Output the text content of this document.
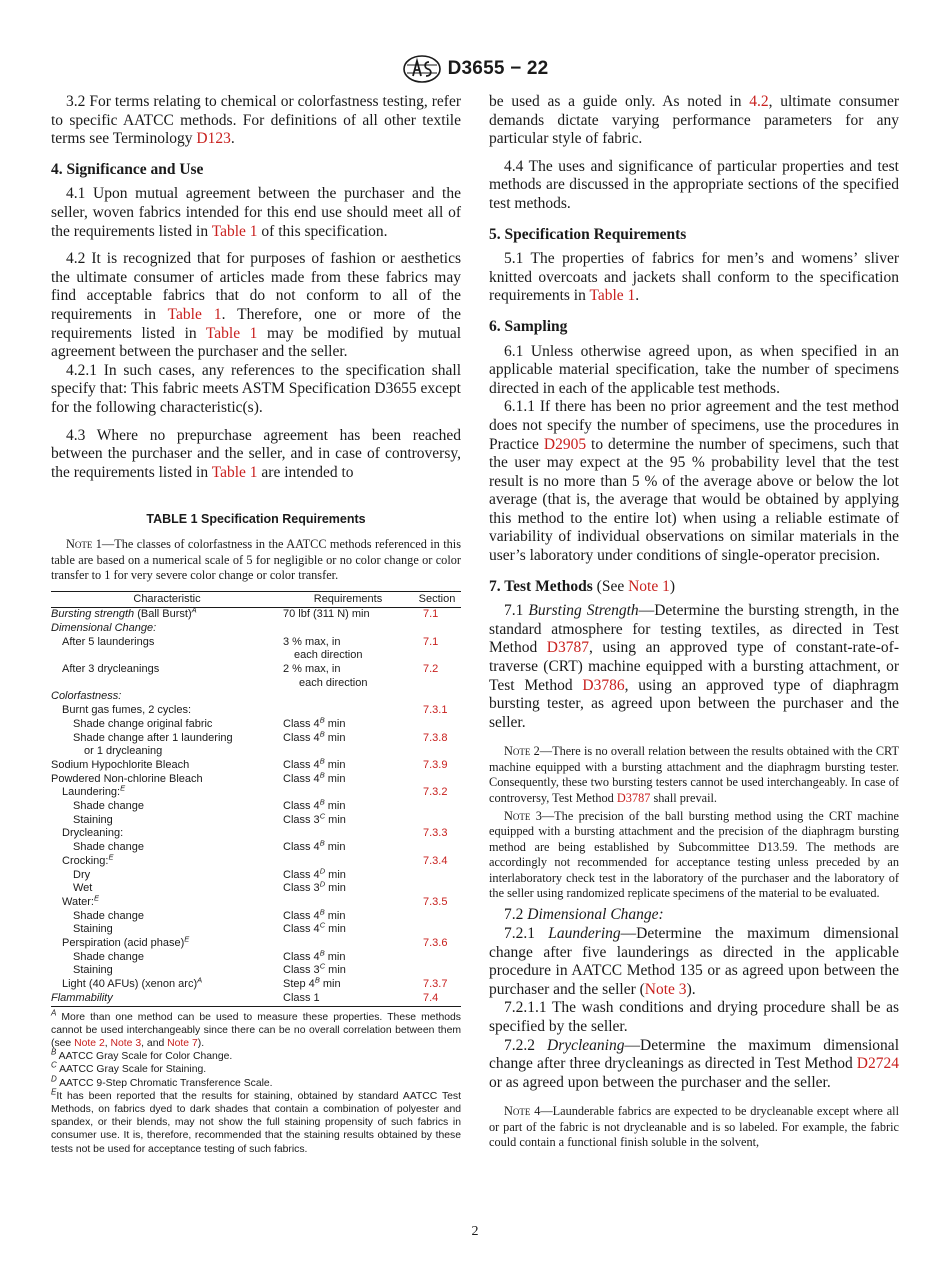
D3655 − 22

3.2 For terms relating to chemical or colorfastness testing, refer to specific AATCC methods. For definitions of all other textile terms see Terminology D123.

4. Significance and Use

4.1 Upon mutual agreement between the purchaser and the seller, woven fabrics intended for this end use should meet all of the requirements listed in Table 1 of this specification.

4.2 It is recognized that for purposes of fashion or aesthetics the ultimate consumer of articles made from these fabrics may find acceptable fabrics that do not conform to all of the requirements in Table 1. Therefore, one or more of the requirements listed in Table 1 may be modified by mutual agreement between the purchaser and the seller.

4.2.1 In such cases, any references to the specification shall specify that: This fabric meets ASTM Specification D3655 except for the following characteristic(s).

4.3 Where no prepurchase agreement has been reached between the purchaser and the seller, and in case of controversy, the requirements listed in Table 1 are intended to

TABLE 1 Specification Requirements

Note 1—The classes of colorfastness in the AATCC methods referenced in this table are based on a numerical scale of 5 for negligible or no color change or color transfer to 1 for very severe color change or color transfer.

Characteristic	Requirements	Section
Bursting strength (Ball Burst)$^A$	70 lbf (311 N) min	7.1
Dimensional Change:		
After 5 launderings	3 % max, in
each direction	7.1
After 3 drycleanings	2 % max, in
each direction	7.2
Colorfastness:		
Burnt gas fumes, 2 cycles:		7.3.1
Shade change original fabric	Class $4^B$ min	

Shade change after 1 laundering
or 1 drycleaning	Class $4^B$ min	7.3.8
Sodium Hypochlorite Bleach	Class $4^B$ min	7.3.9
Powdered Non-chlorine Bleach	Class $4^B$ min	
Laundering:$^E$		7.3.2
Shade change	Class $4^B$ min	
Staining	Class $3^C$ min	
Drycleaning:		7.3.3
Shade change	Class $4^B$ min	
Crocking:$^E$		7.3.4
Dry	Class $4^D$ min	
Wet	Class $3^D$ min	
Water:$^E$		7.3.5
Shade change	Class $4^B$ min	
Staining	Class $4^C$ min	
Perspiration (acid phase)$^E$		7.3.6
Shade change	Class $4^B$ min	
Staining	Class $3^C$ min	
Light (40 AFUs) (xenon arc)$^A$	Step $4^B$ min	7.3.7
Flammability	Class 1	7.4
$^A$ More than one method can be used to measure these properties. These methods cannot be used interchangeably since there can be no overall correlation between them (see Note 2, Note 3, and Note 7).
$^B$ AATCC Gray Scale for Color Change.
$^C$ AATCC Gray Scale for Staining.
$^D$ AATCC 9-Step Chromatic Transference Scale.
$^E$It has been reported that the results for staining, obtained by standard AATCC Test Methods, on fabrics dyed to dark shades that contain a combination of polyester and spandex, or their blends, may not show the full staining propensity of such fabrics in consumer use. It is, therefore, recommended that the staining results obtained by these tests not be used for acceptance testing of such fabrics.

be used as a guide only. As noted in 4.2, ultimate consumer demands dictate varying performance parameters for any particular style of fabric.

4.4 The uses and significance of particular properties and test methods are discussed in the appropriate sections of the specified test methods.

5. Specification Requirements

5.1 The properties of fabrics for men’s and womens’ sliver knitted overcoats and jackets shall conform to the specification requirements in Table 1.

6. Sampling

6.1 Unless otherwise agreed upon, as when specified in an applicable material specification, take the number of specimens directed in each of the applicable test methods.

6.1.1 If there has been no prior agreement and the test method does not specify the number of specimens, use the procedures in Practice D2905 to determine the number of specimens, such that the user may expect at the 95 % probability level that the test result is no more than 5 % of the average above or below the lot average (that is, the average that would be obtained by applying this method to the entire lot) when using a reliable estimate of variability of individual observations on similar materials in the user’s laboratory under conditions of single-operator precision.

7. Test Methods (See Note 1)

7.1 Bursting Strength—Determine the bursting strength, in the standard atmosphere for testing textiles, as directed in Test Method D3787, using an approved type of constant-rate-of-traverse (CRT) machine equipped with a bursting attachment, or Test Method D3786, using an approved type of diaphragm bursting tester, as agreed upon between the purchaser and the seller.

Note 2—There is no overall relation between the results obtained with the CRT machine equipped with a bursting attachment and the diaphragm bursting tester. Consequently, these two bursting testers cannot be used interchangeably. In case of controversy, Test Method D3787 shall prevail.

Note 3—The precision of the ball bursting method using the CRT machine equipped with a bursting attachment and the precision of the diaphragm bursting method are being established by Subcommittee D13.59. The methods are accordingly not recommended for acceptance testing unless preceded by an interlaboratory check test in the laboratory of the purchaser and the laboratory of the seller using randomized replicate specimens of the material to be evaluated.

7.2 Dimensional Change:

7.2.1 Laundering—Determine the maximum dimensional change after five launderings as directed in the applicable procedure in AATCC Method 135 or as agreed upon between the purchaser and the seller (Note 3).

7.2.1.1 The wash conditions and drying procedure shall be as specified by the seller.

7.2.2 Drycleaning—Determine the maximum dimensional change after three drycleanings as directed in Test Method D2724 or as agreed upon between the purchaser and the seller.

Note 4—Launderable fabrics are expected to be drycleanable except where all or part of the fabric is not drycleanable and is so labeled. For example, the fabric could contain a functional finish soluble in the solvent,

2
